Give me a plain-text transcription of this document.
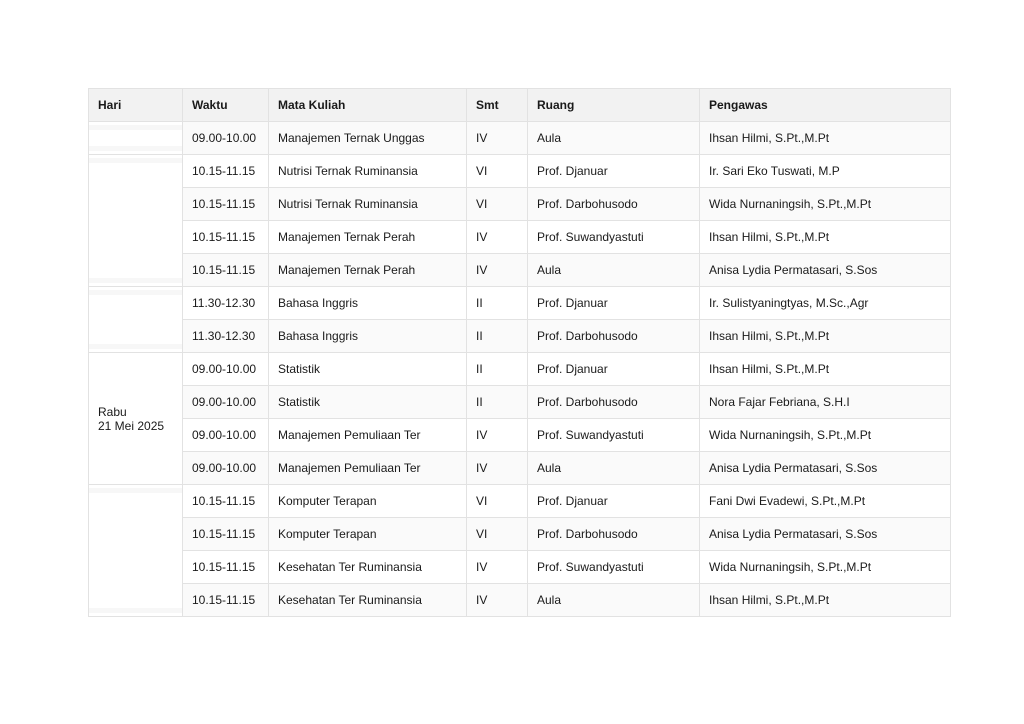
Hari	Waktu	Mata Kuliah	Smt	Ruang	Pengawas

	09.00-10.00	Manajemen Ternak Unggas	IV	Aula	Ihsan Hilmi, S.Pt.,M.Pt

	10.15-11.15	Nutrisi Ternak Ruminansia	VI	Prof. Djanuar	Ir. Sari Eko Tuswati, M.P
	10.15-11.15	Nutrisi Ternak Ruminansia	VI	Prof. Darbohusodo	Wida Nurnaningsih, S.Pt.,M.Pt
	10.15-11.15	Manajemen Ternak Perah	IV	Prof. Suwandyastuti	Ihsan Hilmi, S.Pt.,M.Pt
	10.15-11.15	Manajemen Ternak Perah	IV	Aula	Anisa Lydia Permatasari, S.Sos

	11.30-12.30	Bahasa Inggris	II	Prof. Djanuar	Ir. Sulistyaningtyas, M.Sc.,Agr
	11.30-12.30	Bahasa Inggris	II	Prof. Darbohusodo	Ihsan Hilmi, S.Pt.,M.Pt

Rabu
21 Mei 2025	09.00-10.00	Statistik	II	Prof. Djanuar	Ihsan Hilmi, S.Pt.,M.Pt
	09.00-10.00	Statistik	II	Prof. Darbohusodo	Nora Fajar Febriana, S.H.I
	09.00-10.00	Manajemen Pemuliaan Ter	IV	Prof. Suwandyastuti	Wida Nurnaningsih, S.Pt.,M.Pt
	09.00-10.00	Manajemen Pemuliaan Ter	IV	Aula	Anisa Lydia Permatasari, S.Sos

	10.15-11.15	Komputer Terapan	VI	Prof. Djanuar	Fani Dwi Evadewi, S.Pt.,M.Pt
	10.15-11.15	Komputer Terapan	VI	Prof. Darbohusodo	Anisa Lydia Permatasari, S.Sos
	10.15-11.15	Kesehatan Ter Ruminansia	IV	Prof. Suwandyastuti	Wida Nurnaningsih, S.Pt.,M.Pt
	10.15-11.15	Kesehatan Ter Ruminansia	IV	Aula	Ihsan Hilmi, S.Pt.,M.Pt
